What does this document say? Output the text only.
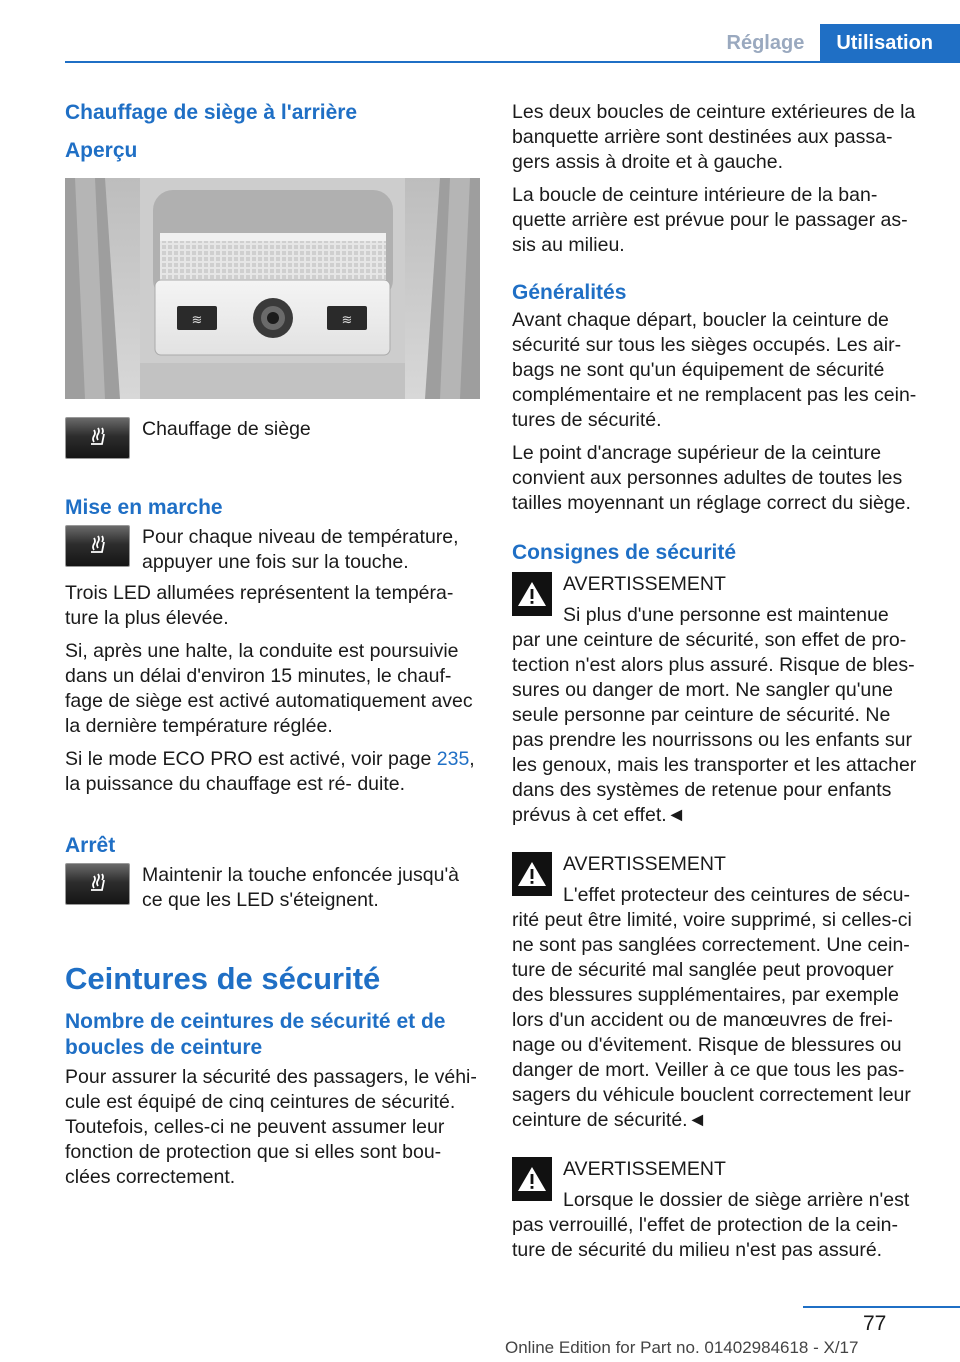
Réglage	Utilisation
Chauffage de siège à l'arrière
Aperçu
≋	≋
Chauffage de siège
Mise en marche
Pour chaque niveau de température, appuyer une fois sur la touche.

Trois LED allumées représentent la tempéra‐ ture la plus élevée.

Si, après une halte, la conduite est poursuivie dans un délai d'environ 15 minutes, le chauf‐ fage de siège est activé automatiquement avec la dernière température réglée.

Si le mode ECO PRO est activé, voir page 235, la puissance du chauffage est ré‐ duite.

Arrêt
Maintenir la touche enfoncée jusqu'à ce que les LED s'éteignent.
Ceintures de sécurité
Nombre de ceintures de sécurité et de boucles de ceinture

Pour assurer la sécurité des passagers, le véhi‐ cule est équipé de cinq ceintures de sécurité. Toutefois, celles-ci ne peuvent assumer leur fonction de protection que si elles sont bou‐ clées correctement.

Les deux boucles de ceinture extérieures de la banquette arrière sont destinées aux passa‐ gers assis à droite et à gauche.

La boucle de ceinture intérieure de la ban‐ quette arrière est prévue pour le passager as‐ sis au milieu.

Généralités

Avant chaque départ, boucler la ceinture de sécurité sur tous les sièges occupés. Les air‐ bags ne sont qu'un équipement de sécurité complémentaire et ne remplacent pas les cein‐ tures de sécurité.

Le point d'ancrage supérieur de la ceinture convient aux personnes adultes de toutes les tailles moyennant un réglage correct du siège.

Consignes de sécurité
AVERTISSEMENT
Si plus d'une personne est maintenue
par une ceinture de sécurité, son effet de pro‐ tection n'est alors plus assuré. Risque de bles‐ sures ou danger de mort. Ne sangler qu'une seule personne par ceinture de sécurité. Ne pas prendre les nourrissons ou les enfants sur les genoux, mais les transporter et les attacher dans des systèmes de retenue pour enfants prévus à cet effet.◄
AVERTISSEMENT
L'effet protecteur des ceintures de sécu‐
rité peut être limité, voire supprimé, si celles-ci ne sont pas sanglées correctement. Une cein‐ ture de sécurité mal sanglée peut provoquer des blessures supplémentaires, par exemple lors d'un accident ou de manœuvres de frei‐ nage ou d'évitement. Risque de blessures ou danger de mort. Veiller à ce que tous les pas‐ sagers du véhicule bouclent correctement leur ceinture de sécurité.◄
AVERTISSEMENT
Lorsque le dossier de siège arrière n'est
pas verrouillé, l'effet de protection de la cein‐ ture de sécurité du milieu n'est pas assuré.
77
Online Edition for Part no. 01402984618 - X/17
